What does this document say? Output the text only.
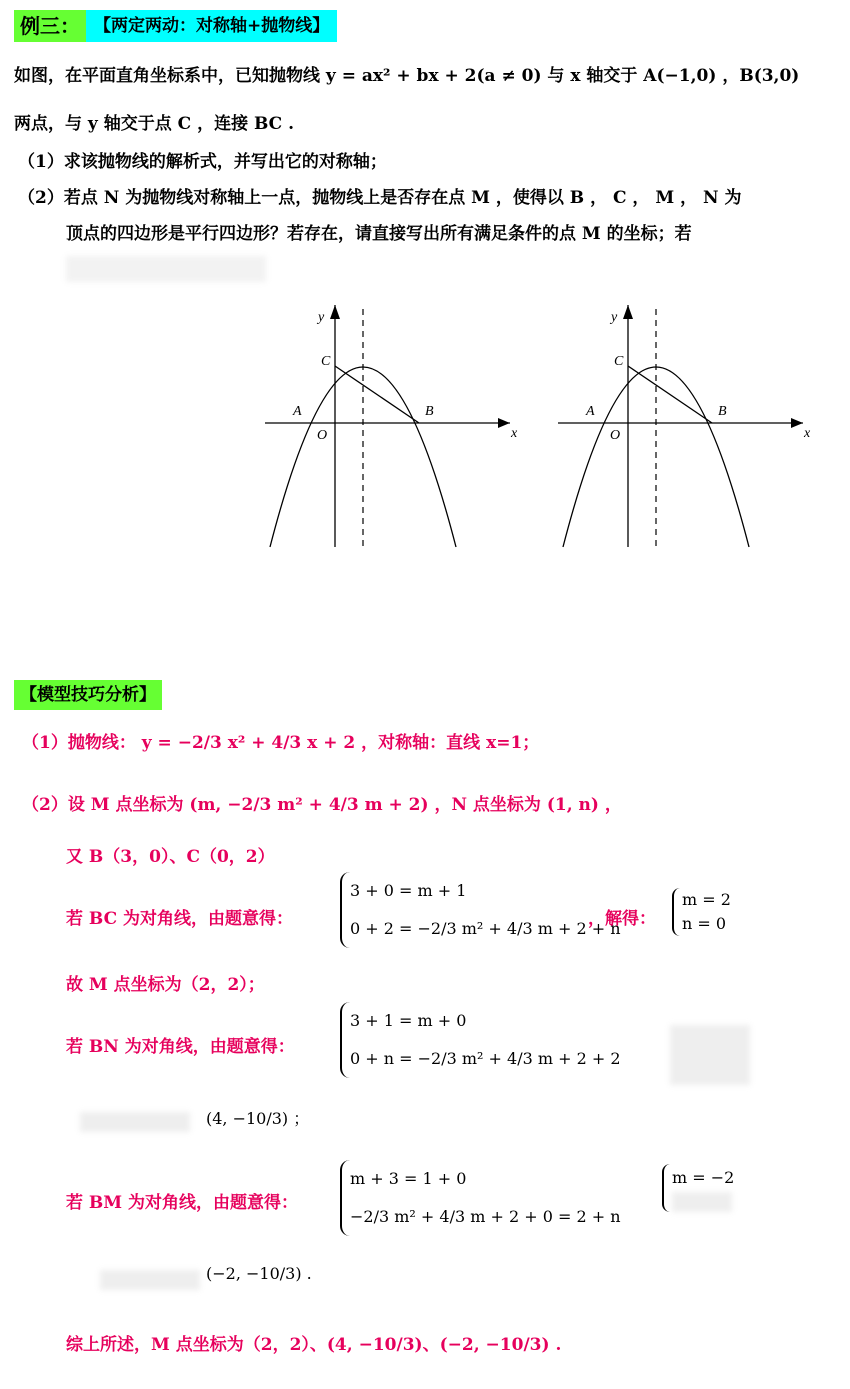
例三： 【两定两动：对称轴+抛物线】
如图，在平面直角坐标系中，已知抛物线 y = ax² + bx + 2(a ≠ 0) 与 x 轴交于 A(−1,0) ，B(3,0)
两点，与 y 轴交于点 C ，连接 BC .
（1）求该抛物线的解析式，并写出它的对称轴；
（2）若点 N 为抛物线对称轴上一点，抛物线上是否存在点 M ，使得以 B ， C ， M ， N 为
顶点的四边形是平行四边形？若存在，请直接写出所有满足条件的点 M 的坐标；若
y
x
O
A	B
C
y
x
O
A	B
C
【模型技巧分析】
（1）抛物线： y = −2/3 x² + 4/3 x + 2 ，对称轴：直线 x=1；
（2）设 M 点坐标为 (m, −2/3 m² + 4/3 m + 2) ，N 点坐标为 (1, n) ，
又 B（3，0）、C（0，2）
若 BC 为对角线，由题意得：
3 + 0 = m + 1
0 + 2 = −2/3 m² + 4/3 m + 2 + n
，解得：
m = 2
n = 0
故 M 点坐标为（2，2）；
若 BN 为对角线，由题意得：
3 + 1 = m + 0
0 + n = −2/3 m² + 4/3 m + 2 + 2
(4, −10/3) ；
若 BM 为对角线，由题意得：
m + 3 = 1 + 0
−2/3 m² + 4/3 m + 2 + 0 = 2 + n
m = −2
(−2, −10/3) .
综上所述，M 点坐标为（2，2）、(4, −10/3)、(−2, −10/3) .
